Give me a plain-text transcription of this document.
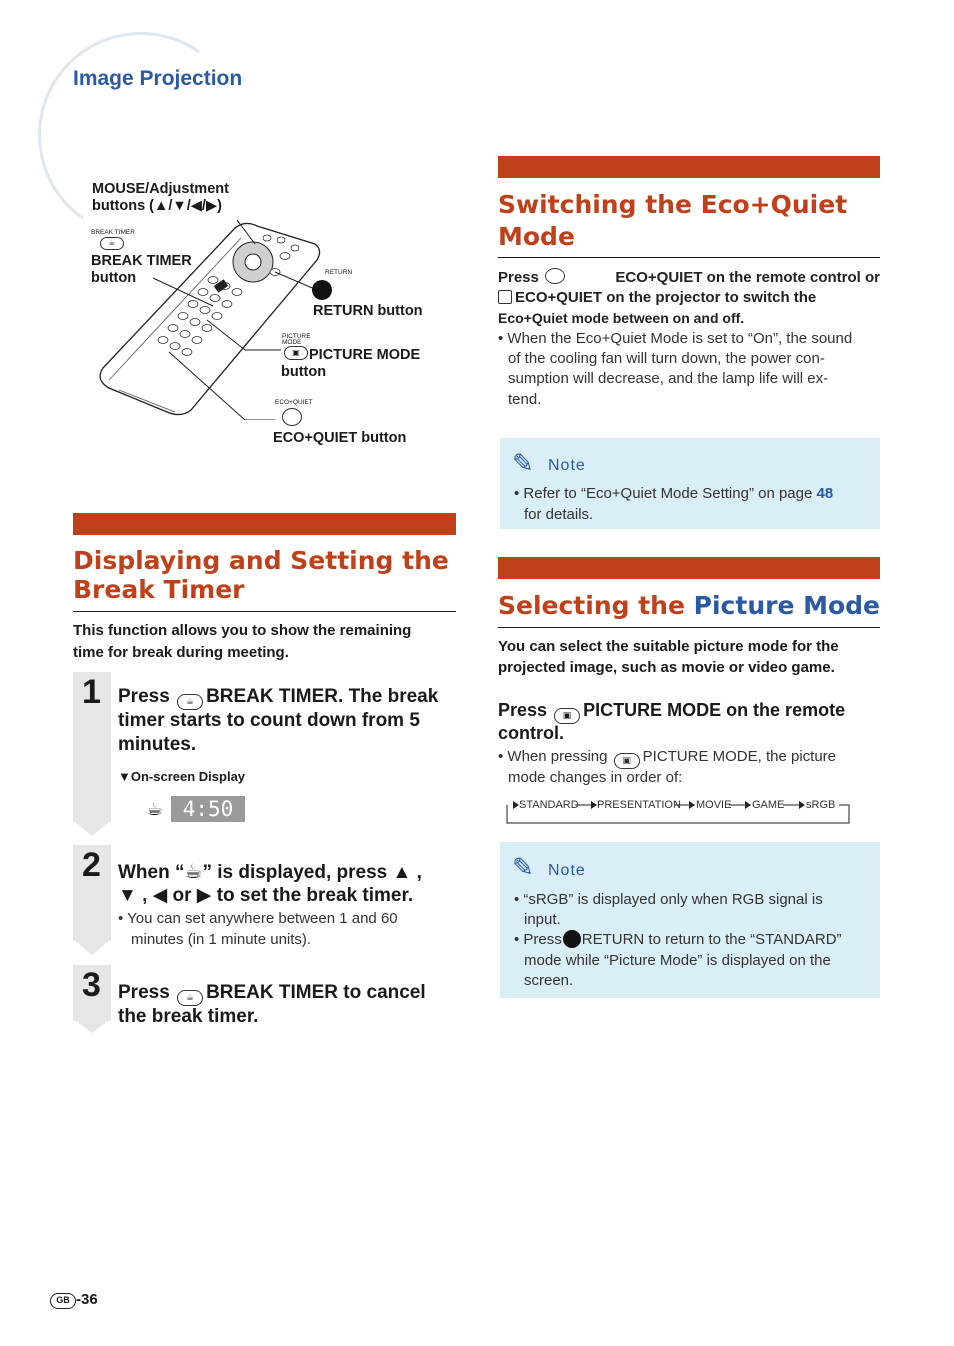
Image Projection
MOUSE/Adjustment
buttons (▲/▼/◀/▶)
BREAK TIMER
☕
BREAK TIMER
button	RETURN
RETURN button
PICTURE MODE
▣ PICTURE MODE
button
ECO+QUIET
ECO+QUIET button
Displaying and Setting the
Break Timer
This function allows you to show the remaining
time for break during meeting.
1 Press ☕ BREAK TIMER. The break
timer starts to count down from 5
minutes.
▼On-screen Display
☕ 4:50
2 When “☕” is displayed, press ▲ ,
▼ , ◀ or ▶ to set the break timer.
• You can set anywhere between 1 and 60
minutes (in 1 minute units).
3 Press ☕ BREAK TIMER to cancel
the break timer.
Switching the Eco+Quiet
Mode
Press	ECO+QUIET on the remote control or
ECO+QUIET on the projector to switch the
Eco+Quiet mode between on and off.
• When the Eco+Quiet Mode is set to “On”, the sound
of the cooling fan will turn down, the power con-
sumption will decrease, and the lamp life will ex-
tend.
✎ Note
• Refer to “Eco+Quiet Mode Setting” on page 48
for details.
Selecting the Picture Mode
You can select the suitable picture mode for the
projected image, such as movie or video game.
Press ▣ PICTURE MODE on the remote
control.
• When pressing ▣ PICTURE MODE, the picture
mode changes in order of:
STANDARD PRESENTATION MOVIE GAME sRGB
✎ Note
• “sRGB” is displayed only when RGB signal is
input.
• Press RETURN to return to the “STANDARD”
mode while “Picture Mode” is displayed on the
screen.
GB -36
